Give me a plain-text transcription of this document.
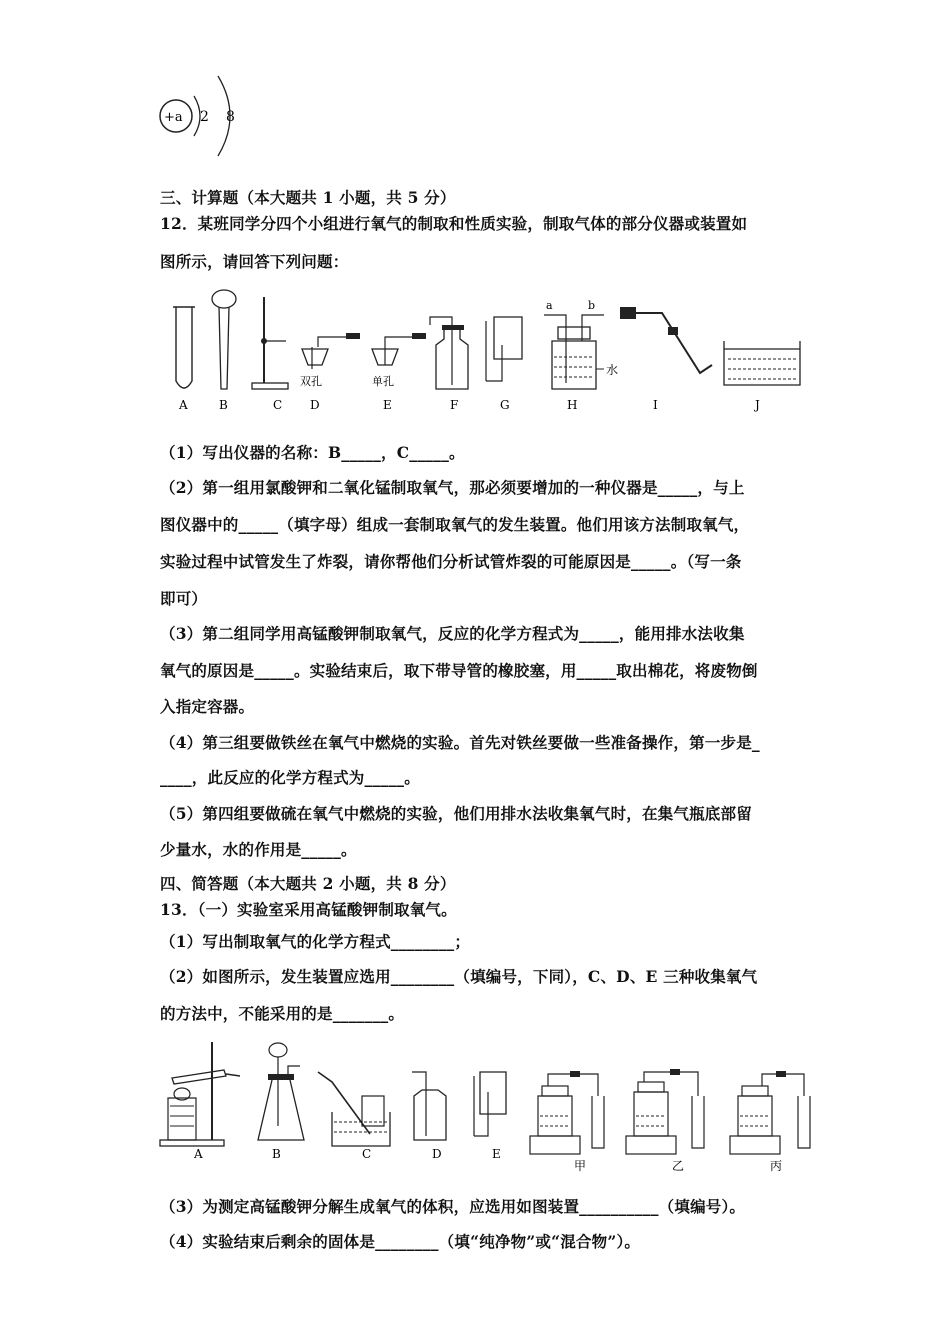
+a 2 8
三、计算题（本大题共 1 小题，共 5 分）
12．某班同学分四个小组进行氧气的制取和性质实验，制取气体的部分仪器或装置如
图所示，请回答下列问题：
a	b
水
双孔	单孔
A	B	C D	E	F	G	H	I	J
（1）写出仪器的名称：B_____，C_____。
（2）第一组用氯酸钾和二氧化锰制取氧气，那必须要增加的一种仪器是_____，与上
图仪器中的_____（填字母）组成一套制取氧气的发生装置。他们用该方法制取氧气，
实验过程中试管发生了炸裂，请你帮他们分析试管炸裂的可能原因是_____。（写一条
即可）
（3）第二组同学用高锰酸钾制取氧气，反应的化学方程式为_____，能用排水法收集
氧气的原因是_____。实验结束后，取下带导管的橡胶塞，用_____取出棉花，将废物倒
入指定容器。
（4）第三组要做铁丝在氧气中燃烧的实验。首先对铁丝要做一些准备操作，第一步是_
____，此反应的化学方程式为_____。
（5）第四组要做硫在氧气中燃烧的实验，他们用排水法收集氧气时，在集气瓶底部留
少量水，水的作用是_____。
四、简答题（本大题共 2 小题，共 8 分）
13．（一）实验室采用高锰酸钾制取氧气。
（1）写出制取氧气的化学方程式________；
（2）如图所示，发生装置应选用________（填编号，下同），C、D、E 三种收集氧气
的方法中，不能采用的是_______。
A	B	C	D	E
甲	乙	丙
（3）为测定高锰酸钾分解生成氧气的体积，应选用如图装置__________（填编号）。
（4）实验结束后剩余的固体是________（填“纯净物”或“混合物”）。
